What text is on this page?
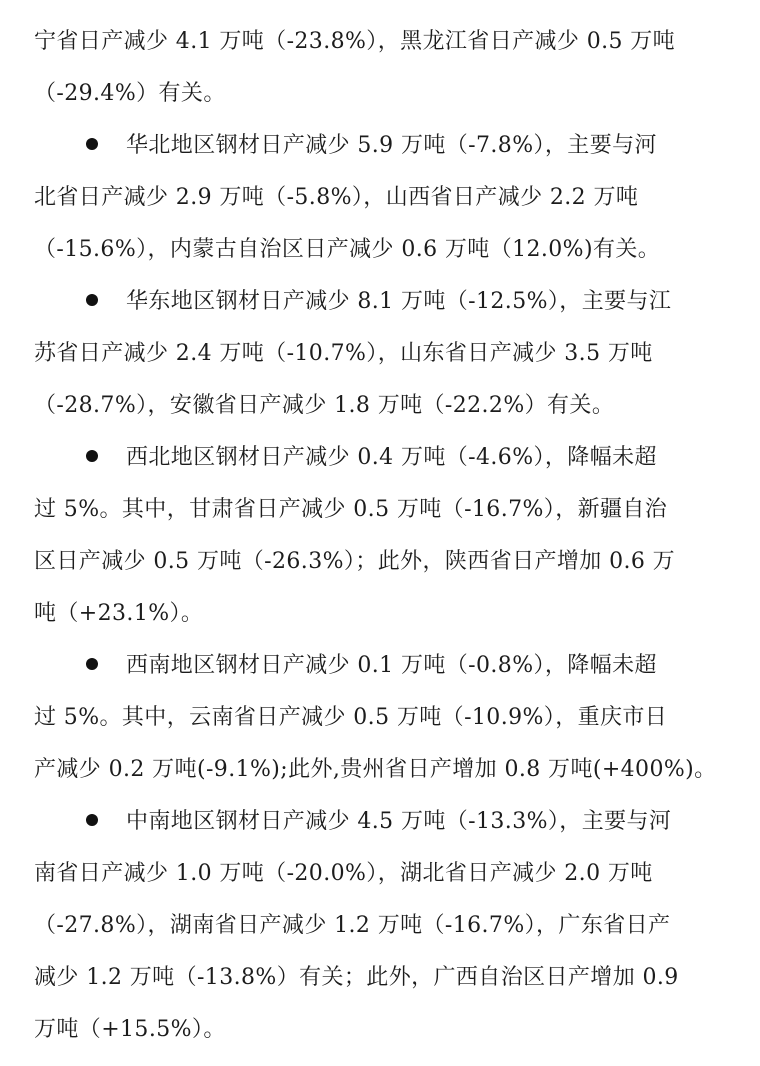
宁省日产减少 4.1 万吨（-23.8%），黑龙江省日产减少 0.5 万吨
（-29.4%）有关。
华北地区钢材日产减少 5.9 万吨（-7.8%），主要与河
北省日产减少 2.9 万吨（-5.8%），山西省日产减少 2.2 万吨
（-15.6%），内蒙古自治区日产减少 0.6 万吨（12.0%)有关。
华东地区钢材日产减少 8.1 万吨（-12.5%），主要与江
苏省日产减少 2.4 万吨（-10.7%），山东省日产减少 3.5 万吨
（-28.7%），安徽省日产减少 1.8 万吨（-22.2%）有关。
西北地区钢材日产减少 0.4 万吨（-4.6%），降幅未超
过 5%。其中，甘肃省日产减少 0.5 万吨（-16.7%），新疆自治
区日产减少 0.5 万吨（-26.3%）；此外，陕西省日产增加 0.6 万
吨（+23.1%）。
西南地区钢材日产减少 0.1 万吨（-0.8%），降幅未超
过 5%。其中，云南省日产减少 0.5 万吨（-10.9%），重庆市日
产减少 0.2 万吨(-9.1%);此外,贵州省日产增加 0.8 万吨(+400%)。
中南地区钢材日产减少 4.5 万吨（-13.3%），主要与河
南省日产减少 1.0 万吨（-20.0%），湖北省日产减少 2.0 万吨
（-27.8%），湖南省日产减少 1.2 万吨（-16.7%），广东省日产
减少 1.2 万吨（-13.8%）有关；此外，广西自治区日产增加 0.9
万吨（+15.5%）。
